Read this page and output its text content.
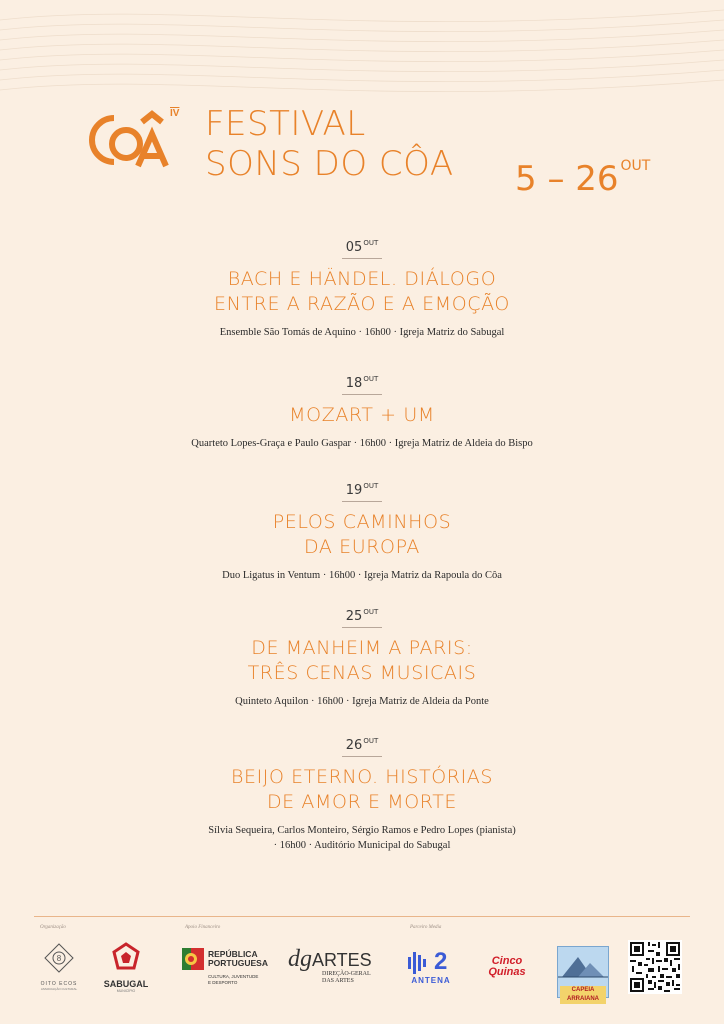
$\overline{IV}$ FESTIVAL
SONS DO CÔA 5 – 26 $^{OUT}$
$05^{OUT}$
BACH E HÄNDEL. DIÁLOGO
ENTRE A RAZÃO E A EMOÇÃO
Ensemble São Tomás de Aquino · 16h00 · Igreja Matriz do Sabugal
$18^{OUT}$
MOZART + UM
Quarteto Lopes-Graça e Paulo Gaspar · 16h00 · Igreja Matriz de Aldeia do Bispo
$19^{OUT}$
PELOS CAMINHOS
DA EUROPA
Duo Ligatus in Ventum · 16h00 · Igreja Matriz da Rapoula do Côa
$25^{OUT}$
DE MANHEIM A PARIS:
TRÊS CENAS MUSICAIS
Quinteto Aquilon · 16h00 · Igreja Matriz de Aldeia da Ponte
$26^{OUT}$
BEIJO ETERNO. HISTÓRIAS
DE AMOR E MORTE
Sílvia Sequeira, Carlos Monteiro, Sérgio Ramos e Pedro Lopes (pianista)
· 16h00 · Auditório Municipal do Sabugal
Organização	Apoio Financeiro	Parceiro Media
8
OITO ECOS
ASSOCIAÇÃO CULTURAL	SABUGAL
MUNICÍPIO
REPÚBLICA
PORTUGUESA
CULTURA, JUVENTUDE
E DESPORTO
dgARTES
DIREÇÃO-GERAL
DAS ARTES
2
ANTENA
Cinco
Quinas
CAPEIA ARRAIANA
